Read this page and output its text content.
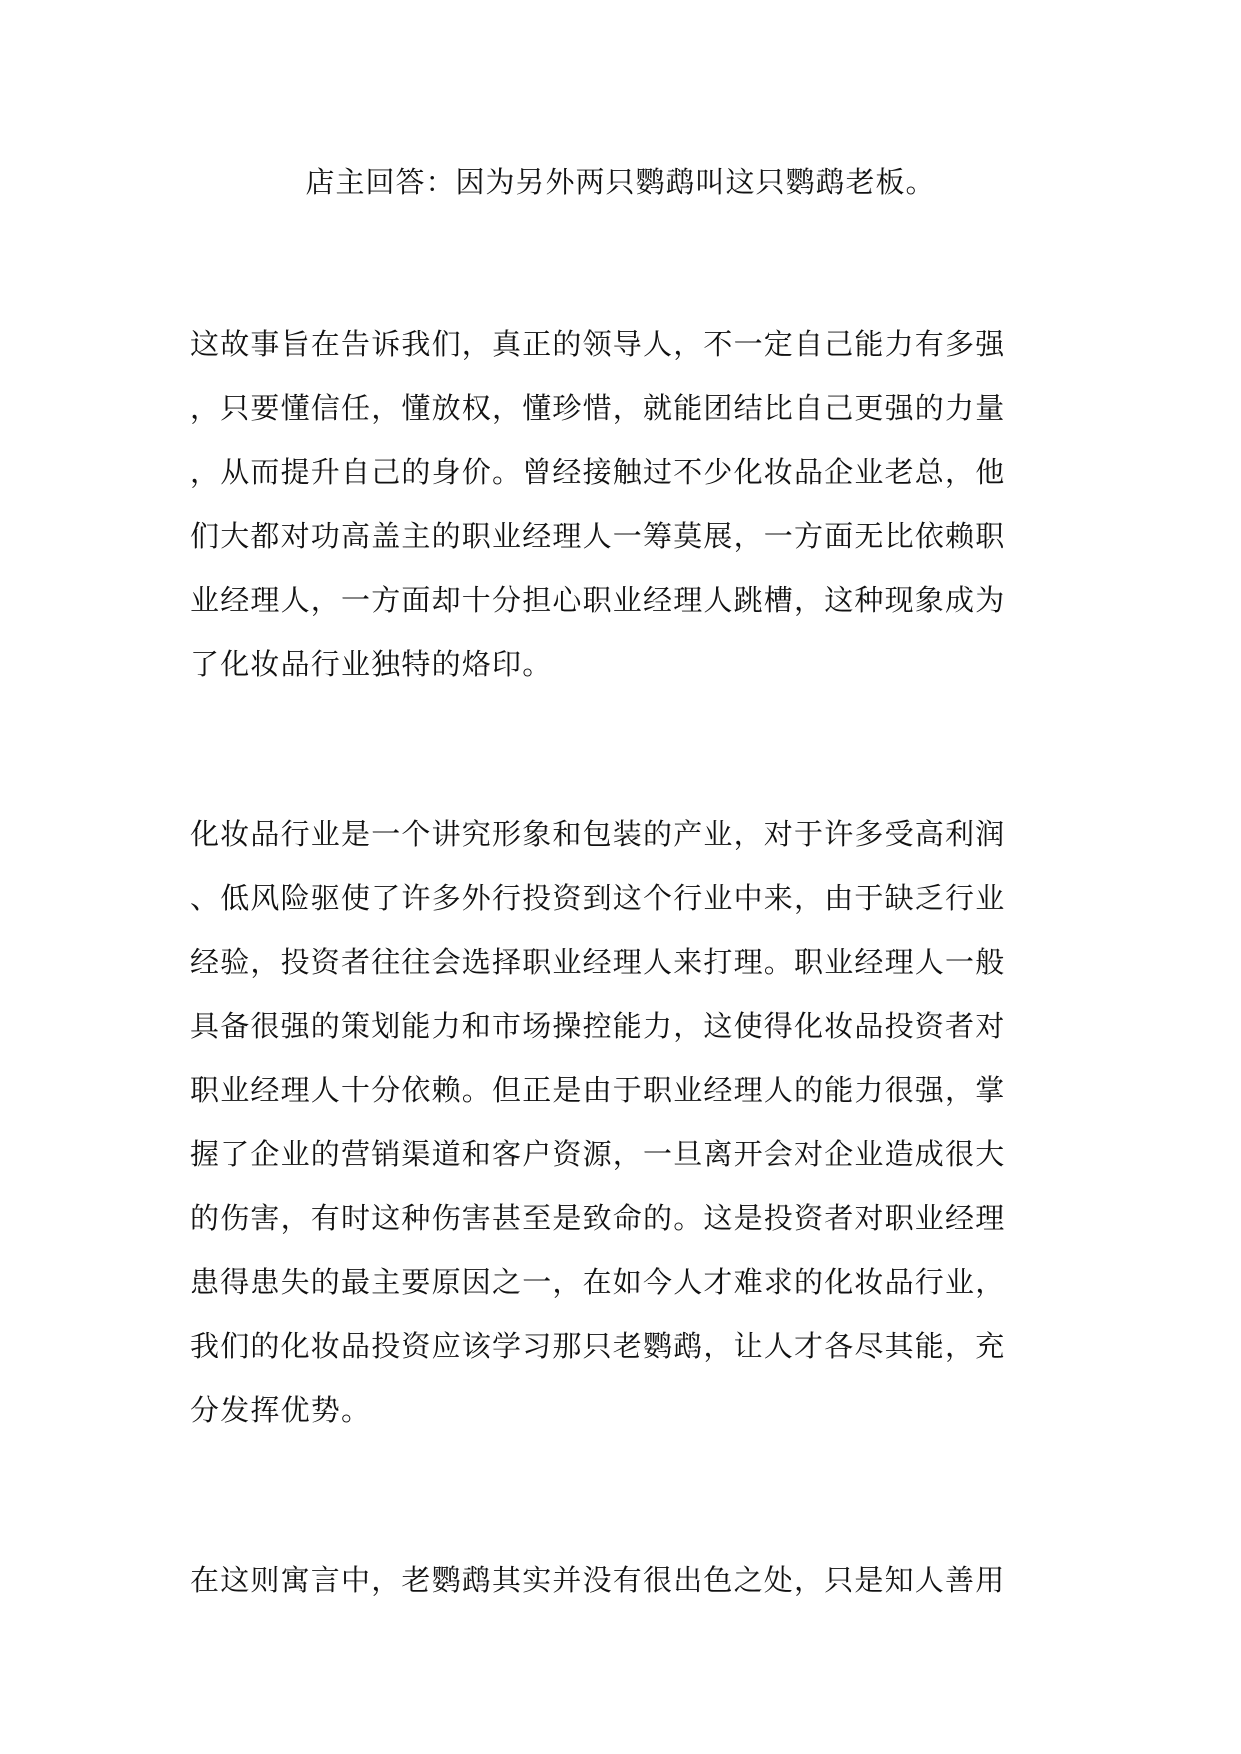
店主回答：因为另外两只鹦鹉叫这只鹦鹉老板。

这故事旨在告诉我们，真正的领导人，不一定自己能力有多强
，只要懂信任，懂放权，懂珍惜，就能团结比自己更强的力量
，从而提升自己的身价。曾经接触过不少化妆品企业老总，他
们大都对功高盖主的职业经理人一筹莫展，一方面无比依赖职
业经理人，一方面却十分担心职业经理人跳槽，这种现象成为
了化妆品行业独特的烙印。

化妆品行业是一个讲究形象和包装的产业，对于许多受高利润
、低风险驱使了许多外行投资到这个行业中来，由于缺乏行业
经验，投资者往往会选择职业经理人来打理。职业经理人一般
具备很强的策划能力和市场操控能力，这使得化妆品投资者对
职业经理人十分依赖。但正是由于职业经理人的能力很强，掌
握了企业的营销渠道和客户资源，一旦离开会对企业造成很大
的伤害，有时这种伤害甚至是致命的。这是投资者对职业经理
患得患失的最主要原因之一，在如今人才难求的化妆品行业，
我们的化妆品投资应该学习那只老鹦鹉，让人才各尽其能，充
分发挥优势。

在这则寓言中，老鹦鹉其实并没有很出色之处，只是知人善用
